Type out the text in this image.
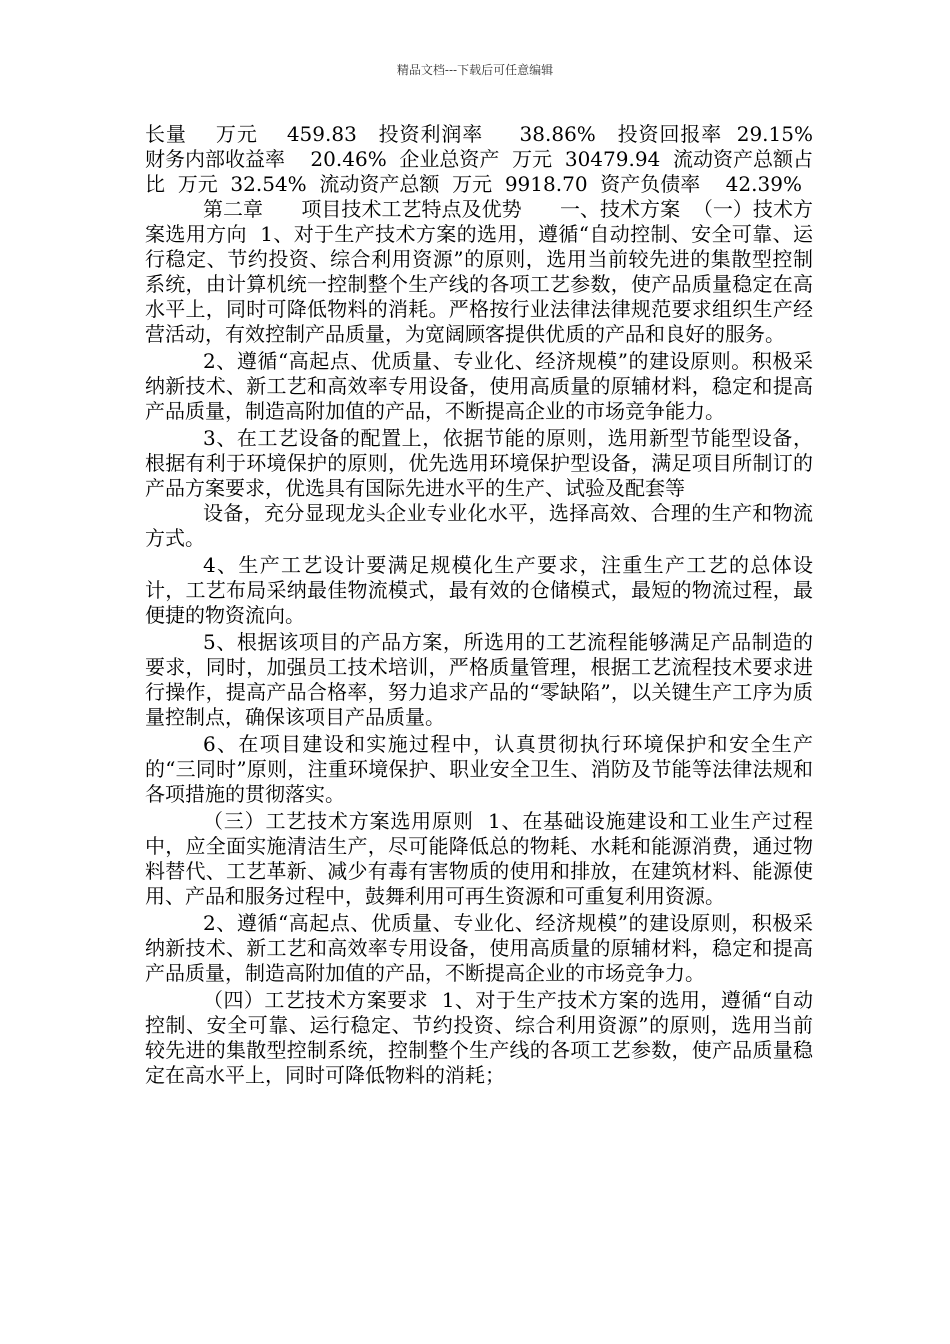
精品文档---下载后可任意编辑

长量    万元    459.83   投资利润率     38.86%   投资回报率  29.15%  财务内部收益率    20.46%  企业总资产  万元  30479.94  流动资产总额占比  万元  32.54%  流动资产总额  万元  9918.70  资产负债率    42.39%

第二章      项目技术工艺特点及优势      一、技术方案  （一）技术方案选用方向  1、对于生产技术方案的选用，遵循“自动控制、安全可靠、运行稳定、节约投资、综合利用资源”的原则，选用当前较先进的集散型控制系统，由计算机统一控制整个生产线的各项工艺参数，使产品质量稳定在高水平上，同时可降低物料的消耗。严格按行业法律法律规范要求组织生产经营活动，有效控制产品质量，为宽阔顾客提供优质的产品和良好的服务。

2、遵循“高起点、优质量、专业化、经济规模”的建设原则。积极采纳新技术、新工艺和高效率专用设备，使用高质量的原辅材料，稳定和提高产品质量，制造高附加值的产品，不断提高企业的市场竞争能力。

3、在工艺设备的配置上，依据节能的原则，选用新型节能型设备，根据有利于环境保护的原则，优先选用环境保护型设备，满足项目所制订的产品方案要求，优选具有国际先进水平的生产、试验及配套等

设备，充分显现龙头企业专业化水平，选择高效、合理的生产和物流方式。

4、生产工艺设计要满足规模化生产要求，注重生产工艺的总体设计，工艺布局采纳最佳物流模式，最有效的仓储模式，最短的物流过程，最便捷的物资流向。

5、根据该项目的产品方案，所选用的工艺流程能够满足产品制造的要求，同时，加强员工技术培训，严格质量管理，根据工艺流程技术要求进行操作，提高产品合格率，努力追求产品的“零缺陷”，以关键生产工序为质量控制点，确保该项目产品质量。

6、在项目建设和实施过程中，认真贯彻执行环境保护和安全生产的“三同时”原则，注重环境保护、职业安全卫生、消防及节能等法律法规和各项措施的贯彻落实。

（三）工艺技术方案选用原则  1、在基础设施建设和工业生产过程中，应全面实施清洁生产，尽可能降低总的物耗、水耗和能源消费，通过物料替代、工艺革新、减少有毒有害物质的使用和排放，在建筑材料、能源使用、产品和服务过程中，鼓舞利用可再生资源和可重复利用资源。

2、遵循“高起点、优质量、专业化、经济规模”的建设原则，积极采纳新技术、新工艺和高效率专用设备，使用高质量的原辅材料，稳定和提高产品质量，制造高附加值的产品，不断提高企业的市场竞争力。

（四）工艺技术方案要求  1、对于生产技术方案的选用，遵循“自动控制、安全可靠、运行稳定、节约投资、综合利用资源”的原则，选用当前较先进的集散型控制系统，控制整个生产线的各项工艺参数，使产品质量稳定在高水平上，同时可降低物料的消耗；
